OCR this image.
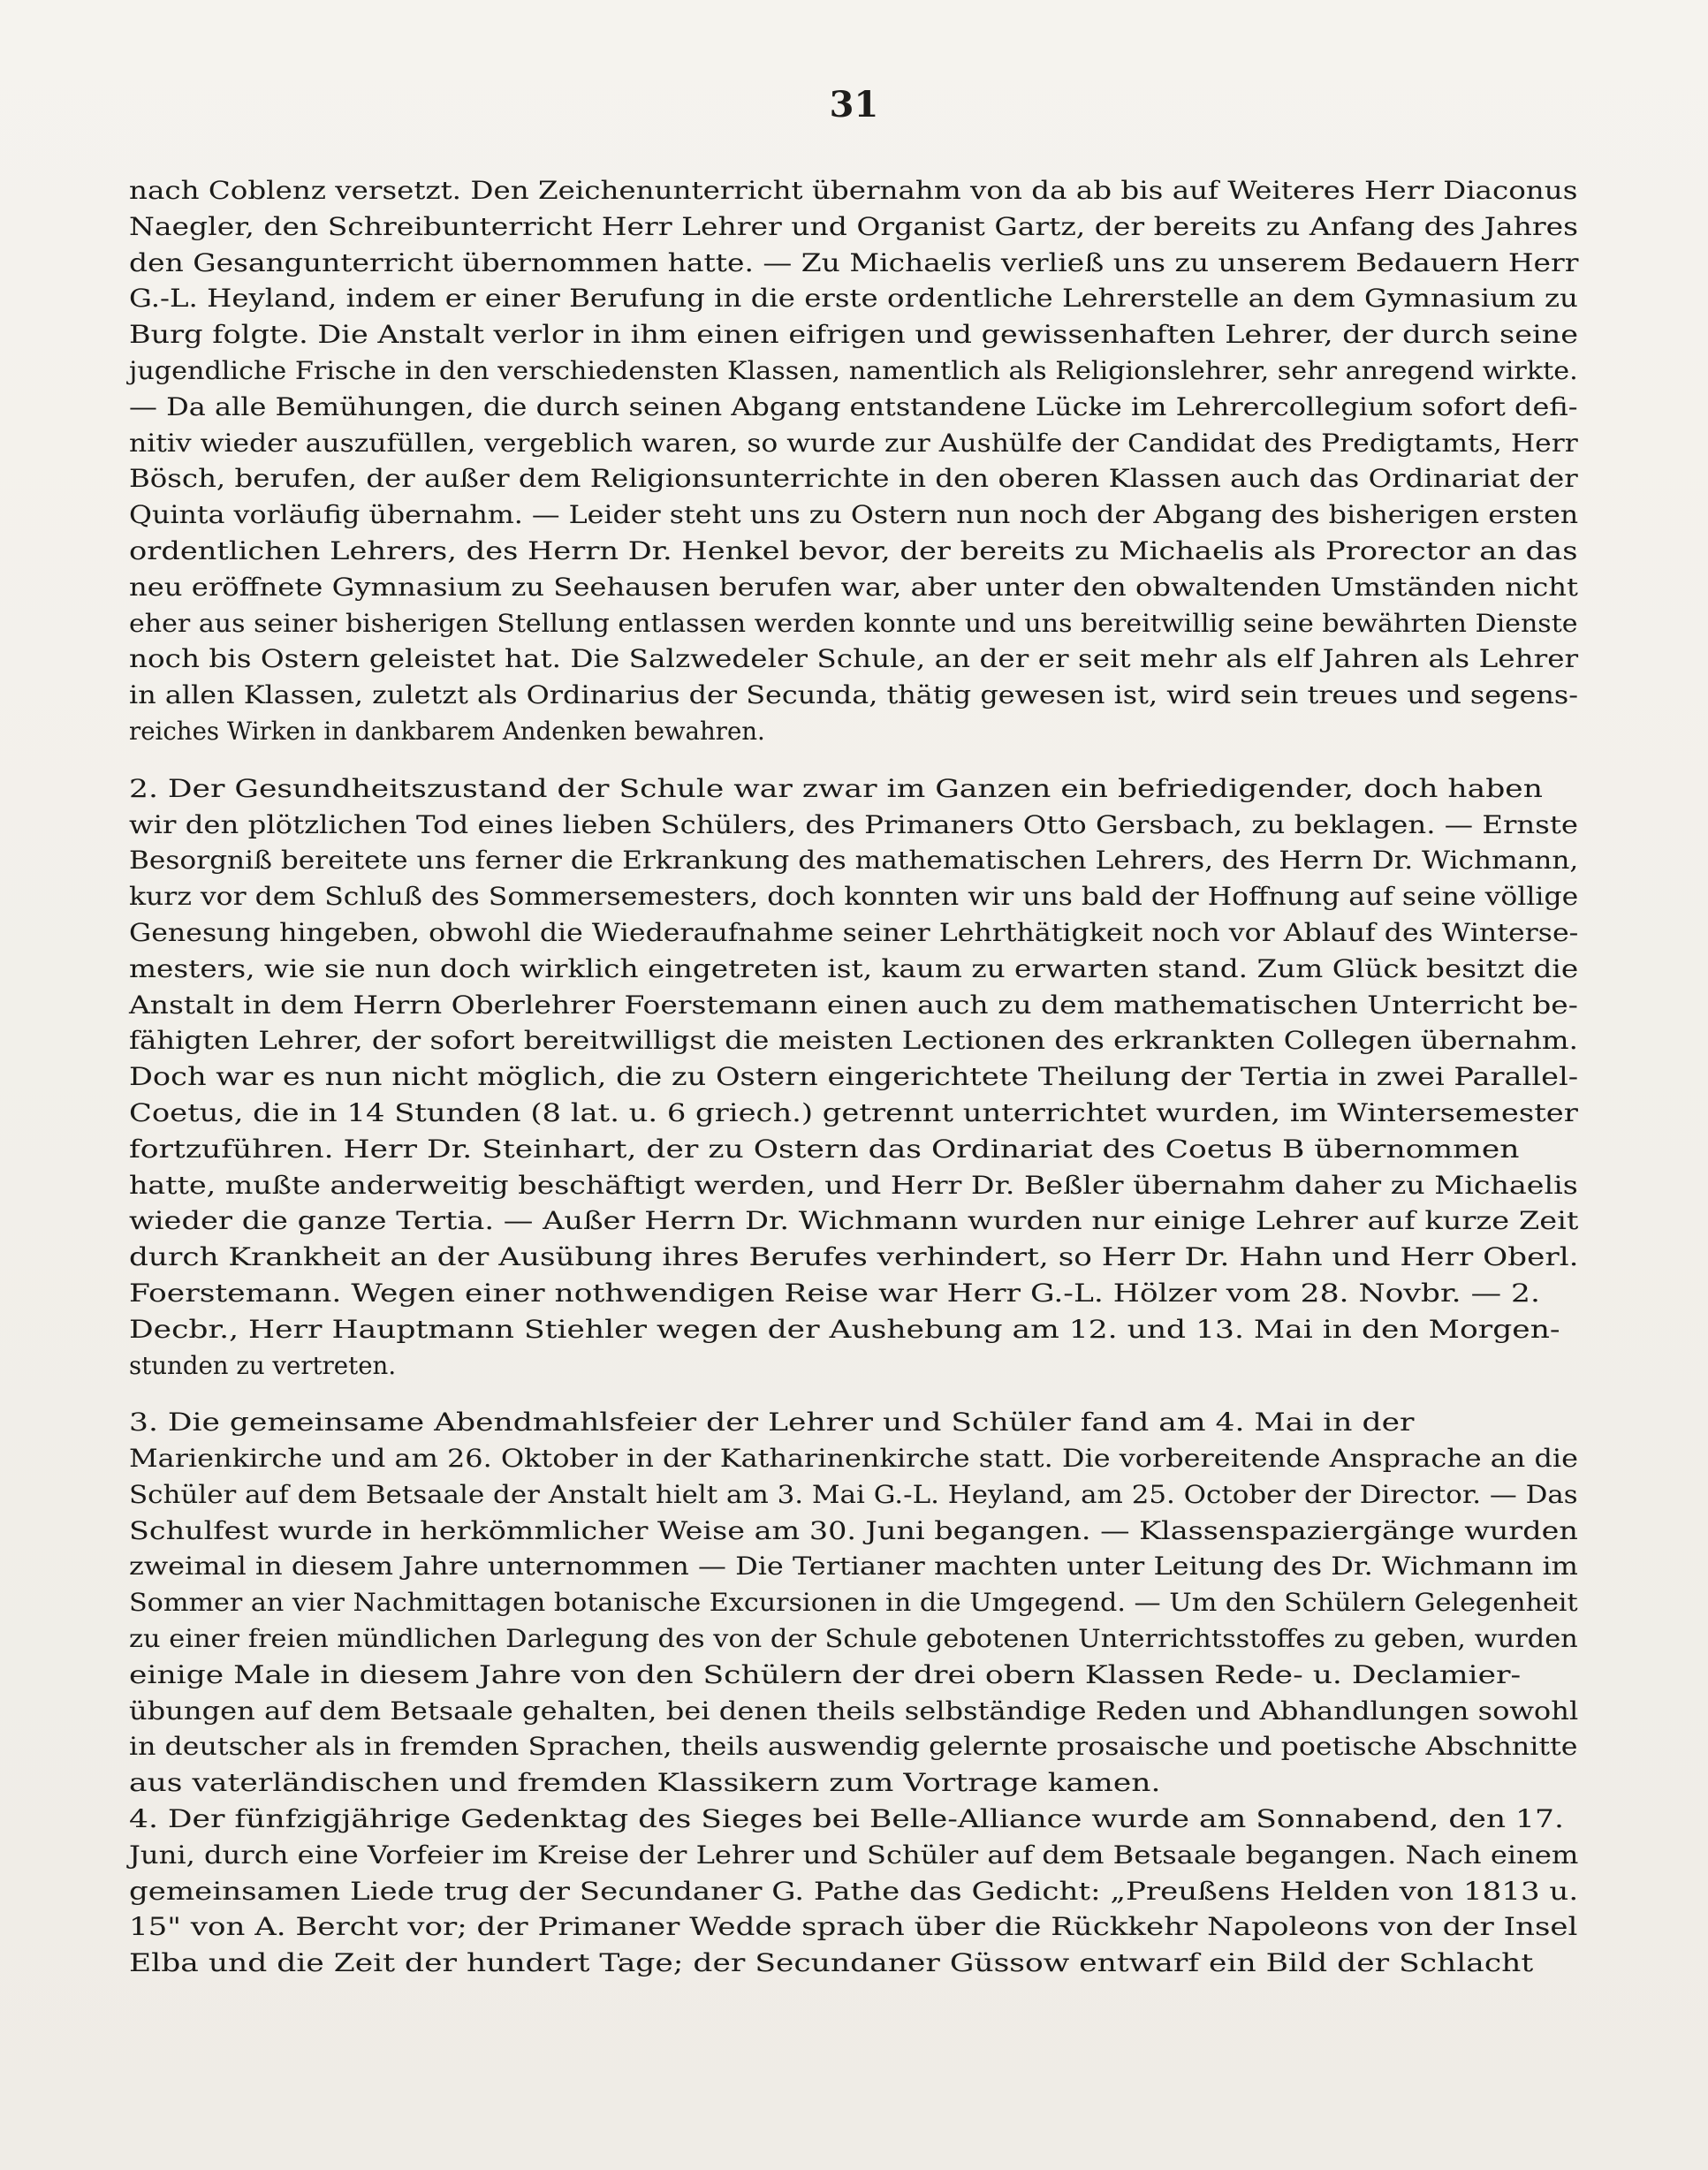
31
nach Coblenz versetzt. Den Zeichenunterricht übernahm von da ab bis auf Weiteres Herr Diaconus
Naegler, den Schreibunterricht Herr Lehrer und Organist Gartz, der bereits zu Anfang des Jahres
den Gesangunterricht übernommen hatte. — Zu Michaelis verließ uns zu unserem Bedauern Herr
G.-L. Heyland, indem er einer Berufung in die erste ordentliche Lehrerstelle an dem Gymnasium zu
Burg folgte. Die Anstalt verlor in ihm einen eifrigen und gewissenhaften Lehrer, der durch seine
jugendliche Frische in den verschiedensten Klassen, namentlich als Religionslehrer, sehr anregend wirkte.
— Da alle Bemühungen, die durch seinen Abgang entstandene Lücke im Lehrercollegium sofort defi-
nitiv wieder auszufüllen, vergeblich waren, so wurde zur Aushülfe der Candidat des Predigtamts, Herr
Bösch, berufen, der außer dem Religionsunterrichte in den oberen Klassen auch das Ordinariat der
Quinta vorläufig übernahm. — Leider steht uns zu Ostern nun noch der Abgang des bisherigen ersten
ordentlichen Lehrers, des Herrn Dr. Henkel bevor, der bereits zu Michaelis als Prorector an das
neu eröffnete Gymnasium zu Seehausen berufen war, aber unter den obwaltenden Umständen nicht
eher aus seiner bisherigen Stellung entlassen werden konnte und uns bereitwillig seine bewährten Dienste
noch bis Ostern geleistet hat. Die Salzwedeler Schule, an der er seit mehr als elf Jahren als Lehrer
in allen Klassen, zuletzt als Ordinarius der Secunda, thätig gewesen ist, wird sein treues und segens-
reiches Wirken in dankbarem Andenken bewahren.
2. Der Gesundheitszustand der Schule war zwar im Ganzen ein befriedigender, doch haben
wir den plötzlichen Tod eines lieben Schülers, des Primaners Otto Gersbach, zu beklagen. — Ernste
Besorgniß bereitete uns ferner die Erkrankung des mathematischen Lehrers, des Herrn Dr. Wichmann,
kurz vor dem Schluß des Sommersemesters, doch konnten wir uns bald der Hoffnung auf seine völlige
Genesung hingeben, obwohl die Wiederaufnahme seiner Lehrthätigkeit noch vor Ablauf des Winterse-
mesters, wie sie nun doch wirklich eingetreten ist, kaum zu erwarten stand. Zum Glück besitzt die
Anstalt in dem Herrn Oberlehrer Foerstemann einen auch zu dem mathematischen Unterricht be-
fähigten Lehrer, der sofort bereitwilligst die meisten Lectionen des erkrankten Collegen übernahm.
Doch war es nun nicht möglich, die zu Ostern eingerichtete Theilung der Tertia in zwei Parallel-
Coetus, die in 14 Stunden (8 lat. u. 6 griech.) getrennt unterrichtet wurden, im Wintersemester
fortzuführen. Herr Dr. Steinhart, der zu Ostern das Ordinariat des Coetus B übernommen
hatte, mußte anderweitig beschäftigt werden, und Herr Dr. Beßler übernahm daher zu Michaelis
wieder die ganze Tertia. — Außer Herrn Dr. Wichmann wurden nur einige Lehrer auf kurze Zeit
durch Krankheit an der Ausübung ihres Berufes verhindert, so Herr Dr. Hahn und Herr Oberl.
Foerstemann. Wegen einer nothwendigen Reise war Herr G.-L. Hölzer vom 28. Novbr. — 2.
Decbr., Herr Hauptmann Stiehler wegen der Aushebung am 12. und 13. Mai in den Morgen-
stunden zu vertreten.
3. Die gemeinsame Abendmahlsfeier der Lehrer und Schüler fand am 4. Mai in der
Marienkirche und am 26. Oktober in der Katharinenkirche statt. Die vorbereitende Ansprache an die
Schüler auf dem Betsaale der Anstalt hielt am 3. Mai G.-L. Heyland, am 25. October der Director. — Das
Schulfest wurde in herkömmlicher Weise am 30. Juni begangen. — Klassenspaziergänge wurden
zweimal in diesem Jahre unternommen — Die Tertianer machten unter Leitung des Dr. Wichmann im
Sommer an vier Nachmittagen botanische Excursionen in die Umgegend. — Um den Schülern Gelegenheit
zu einer freien mündlichen Darlegung des von der Schule gebotenen Unterrichtsstoffes zu geben, wurden
einige Male in diesem Jahre von den Schülern der drei obern Klassen Rede- u. Declamier-
übungen auf dem Betsaale gehalten, bei denen theils selbständige Reden und Abhandlungen sowohl
in deutscher als in fremden Sprachen, theils auswendig gelernte prosaische und poetische Abschnitte
aus vaterländischen und fremden Klassikern zum Vortrage kamen.
4. Der fünfzigjährige Gedenktag des Sieges bei Belle-Alliance wurde am Sonnabend, den 17.
Juni, durch eine Vorfeier im Kreise der Lehrer und Schüler auf dem Betsaale begangen. Nach einem
gemeinsamen Liede trug der Secundaner G. Pathe das Gedicht: „Preußens Helden von 1813 u.
15" von A. Bercht vor; der Primaner Wedde sprach über die Rückkehr Napoleons von der Insel
Elba und die Zeit der hundert Tage; der Secundaner Güssow entwarf ein Bild der Schlacht
